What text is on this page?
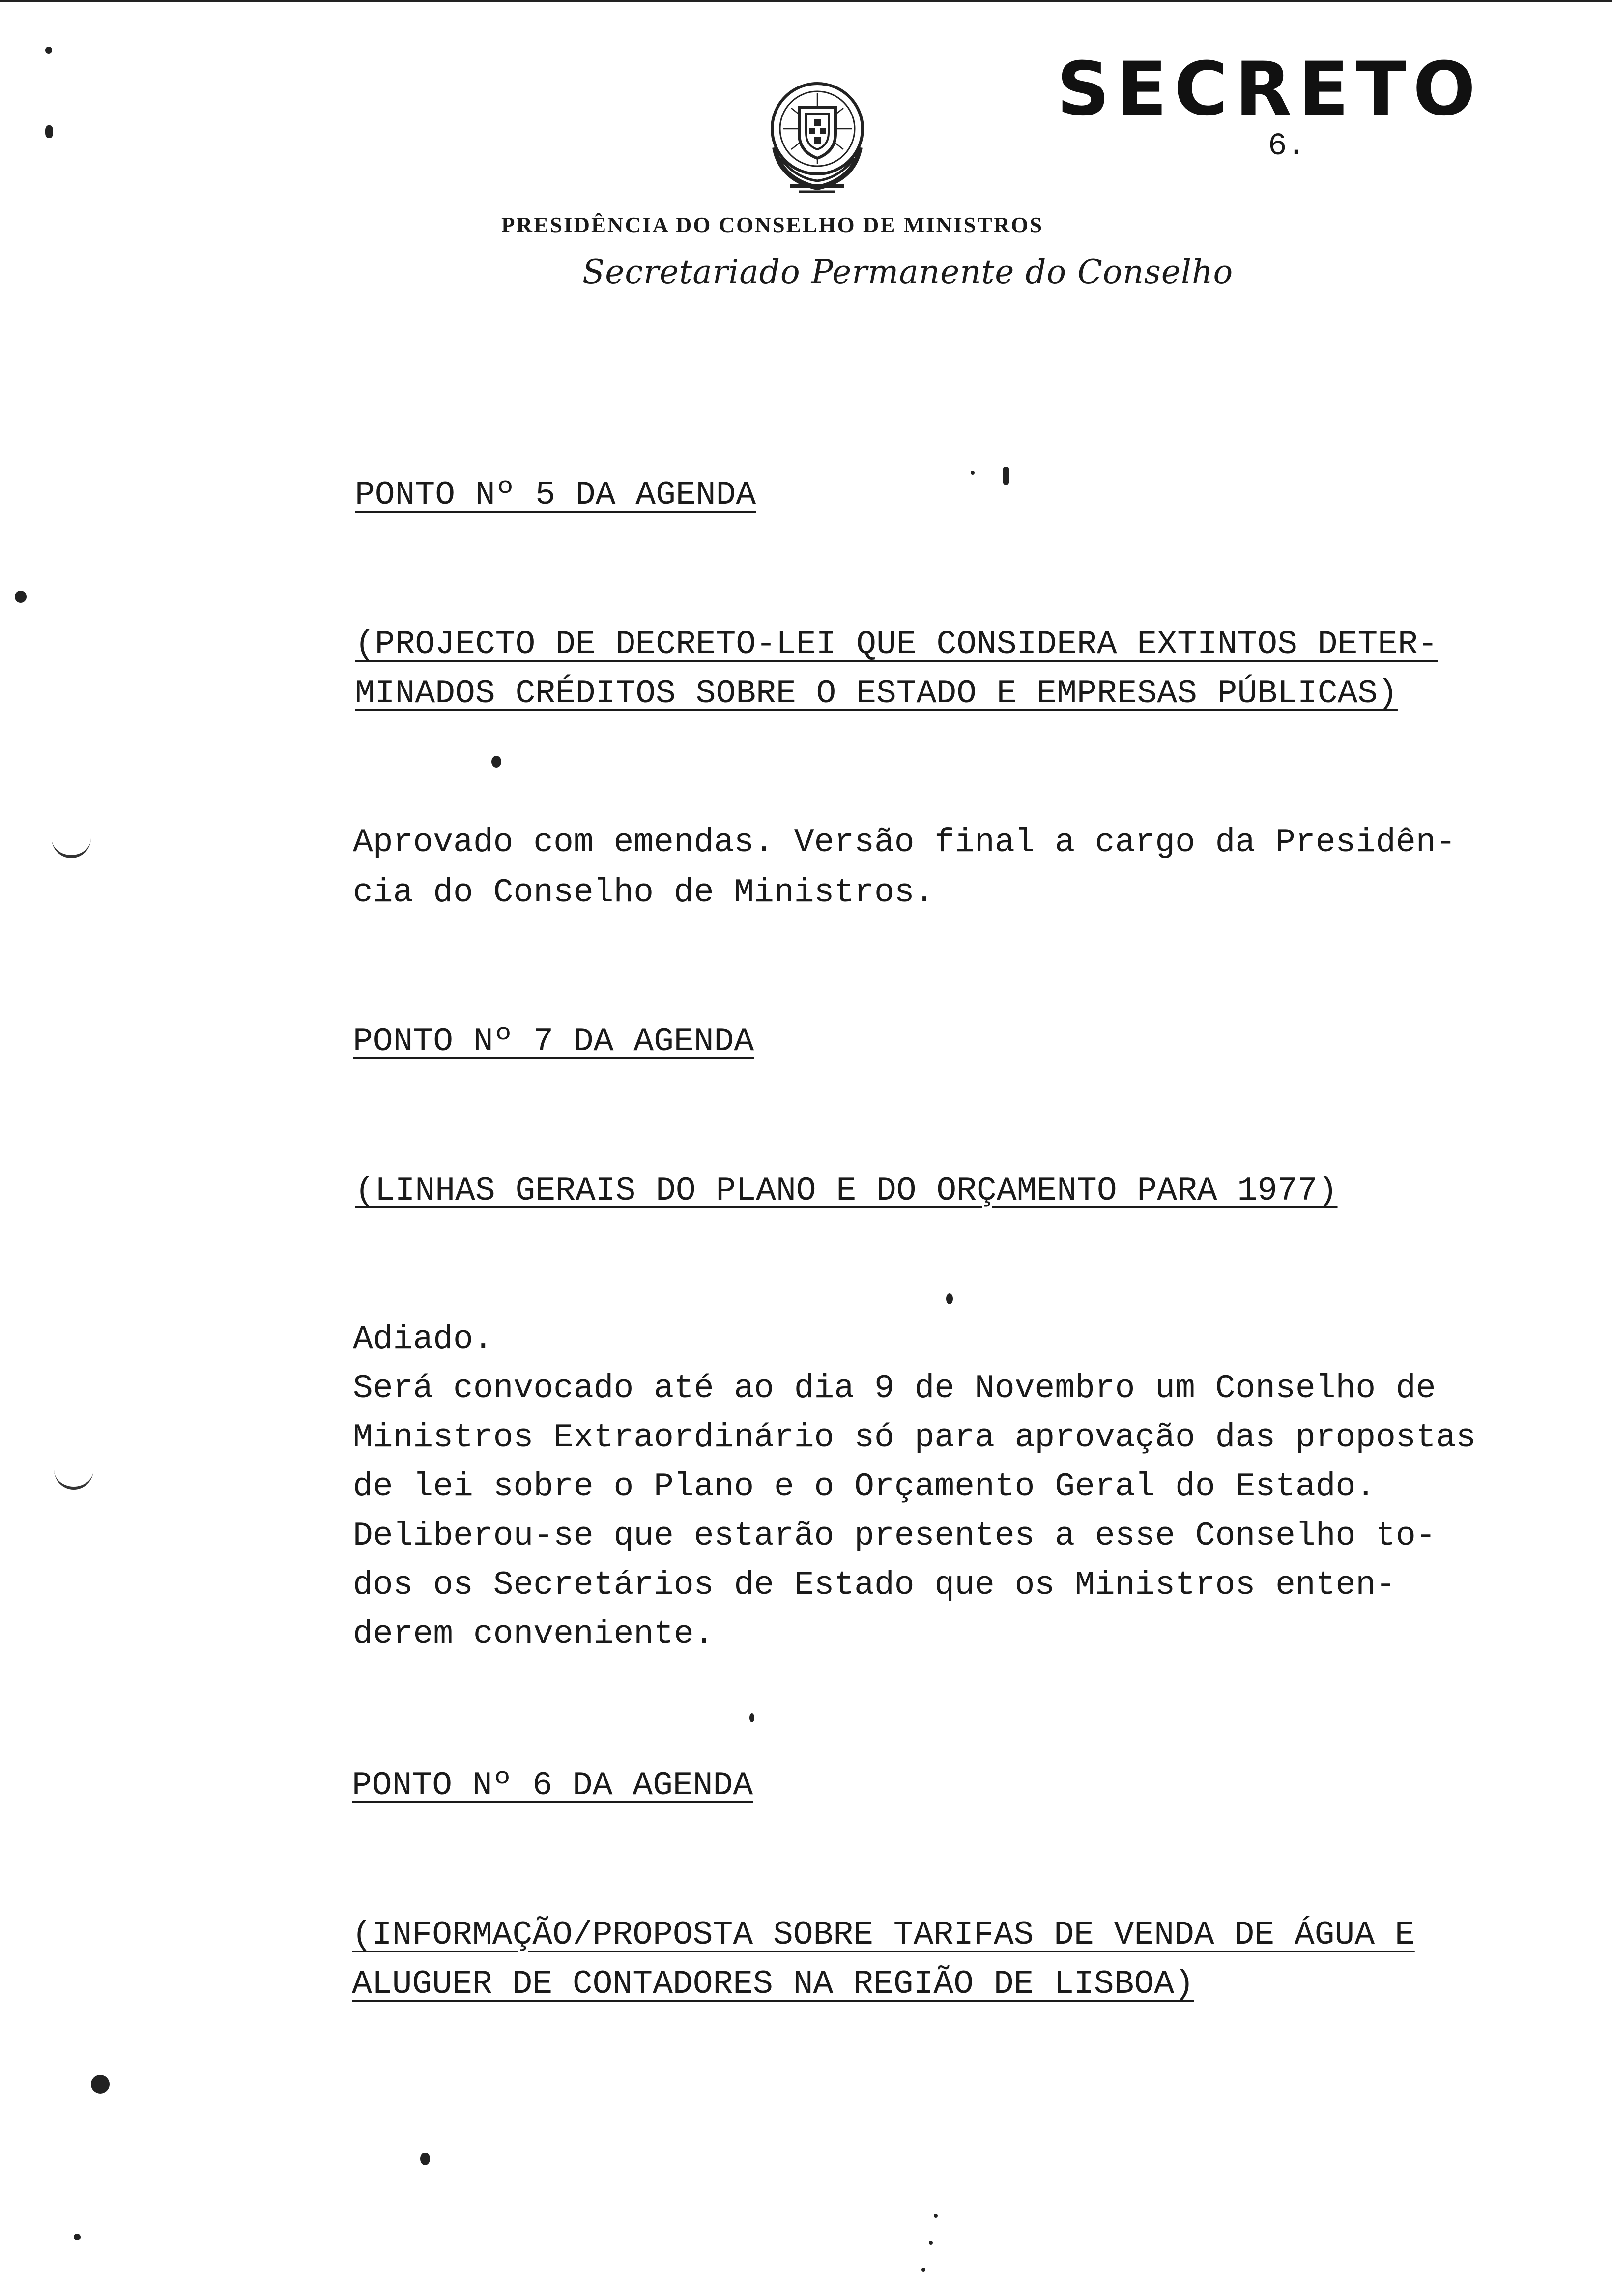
SECRETO
6.
PRESIDÊNCIA DO CONSELHO DE MINISTROS
Secretariado Permanente do Conselho
PONTO Nº 5 DA AGENDA
(PROJECTO DE DECRETO-LEI QUE CONSIDERA EXTINTOS DETER-
MINADOS CRÉDITOS SOBRE O ESTADO E EMPRESAS PÚBLICAS)
Aprovado com emendas. Versão final a cargo da Presidên-
cia do Conselho de Ministros.
PONTO Nº 7 DA AGENDA
(LINHAS GERAIS DO PLANO E DO ORÇAMENTO PARA 1977)
Adiado.
Será convocado até ao dia 9 de Novembro um Conselho de
Ministros Extraordinário só para aprovação das propostas
de lei sobre o Plano e o Orçamento Geral do Estado.
Deliberou-se que estarão presentes a esse Conselho to-
dos os Secretários de Estado que os Ministros enten-
derem conveniente.
PONTO Nº 6 DA AGENDA
(INFORMAÇÃO/PROPOSTA SOBRE TARIFAS DE VENDA DE ÁGUA E
ALUGUER DE CONTADORES NA REGIÃO DE LISBOA)
